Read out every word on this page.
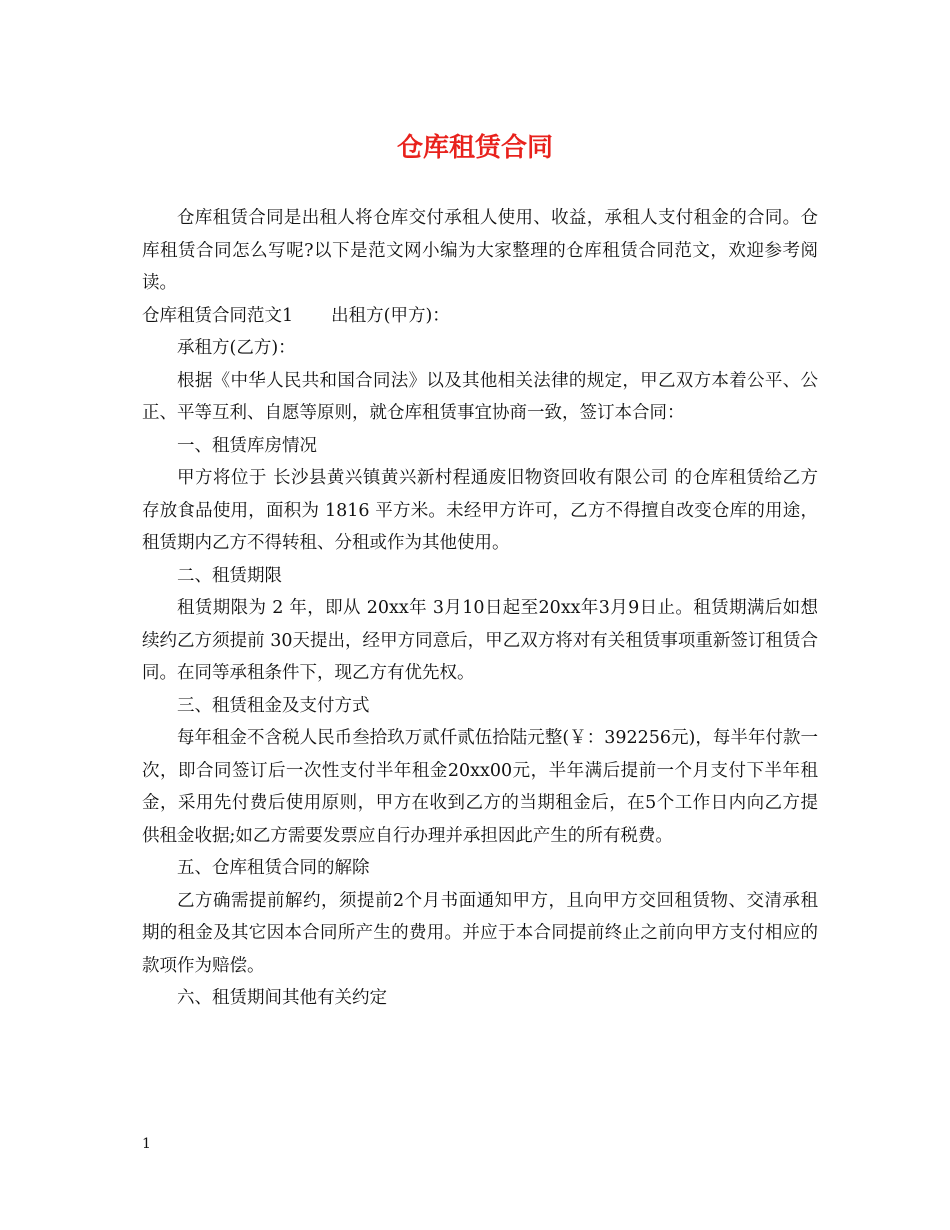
仓库租赁合同

仓库租赁合同是出租人将仓库交付承租人使用、收益，承租人支付租金的合同。仓库租赁合同怎么写呢?以下是范文网小编为大家整理的仓库租赁合同范文，欢迎参考阅读。

仓库租赁合同范文1 出租方(甲方)：

承租方(乙方)：

根据《中华人民共和国合同法》以及其他相关法律的规定，甲乙双方本着公平、公正、平等互利、自愿等原则，就仓库租赁事宜协商一致，签订本合同：

一、租赁库房情况

甲方将位于 长沙县黄兴镇黄兴新村程通废旧物资回收有限公司 的仓库租赁给乙方存放食品使用，面积为 1816 平方米。未经甲方许可，乙方不得擅自改变仓库的用途，租赁期内乙方不得转租、分租或作为其他使用。

二、租赁期限

租赁期限为 2 年，即从 20xx年 3月10日起至20xx年3月9日止。租赁期满后如想续约乙方须提前 30天提出，经甲方同意后，甲乙双方将对有关租赁事项重新签订租赁合同。在同等承租条件下，现乙方有优先权。

三、租赁租金及支付方式

每年租金不含税人民币叁拾玖万贰仟贰伍拾陆元整(￥：392256元)，每半年付款一次，即合同签订后一次性支付半年租金20xx00元，半年满后提前一个月支付下半年租金，采用先付费后使用原则，甲方在收到乙方的当期租金后，在5个工作日内向乙方提供租金收据;如乙方需要发票应自行办理并承担因此产生的所有税费。

五、仓库租赁合同的解除

乙方确需提前解约，须提前2个月书面通知甲方，且向甲方交回租赁物、交清承租期的租金及其它因本合同所产生的费用。并应于本合同提前终止之前向甲方支付相应的款项作为赔偿。

六、租赁期间其他有关约定

1
